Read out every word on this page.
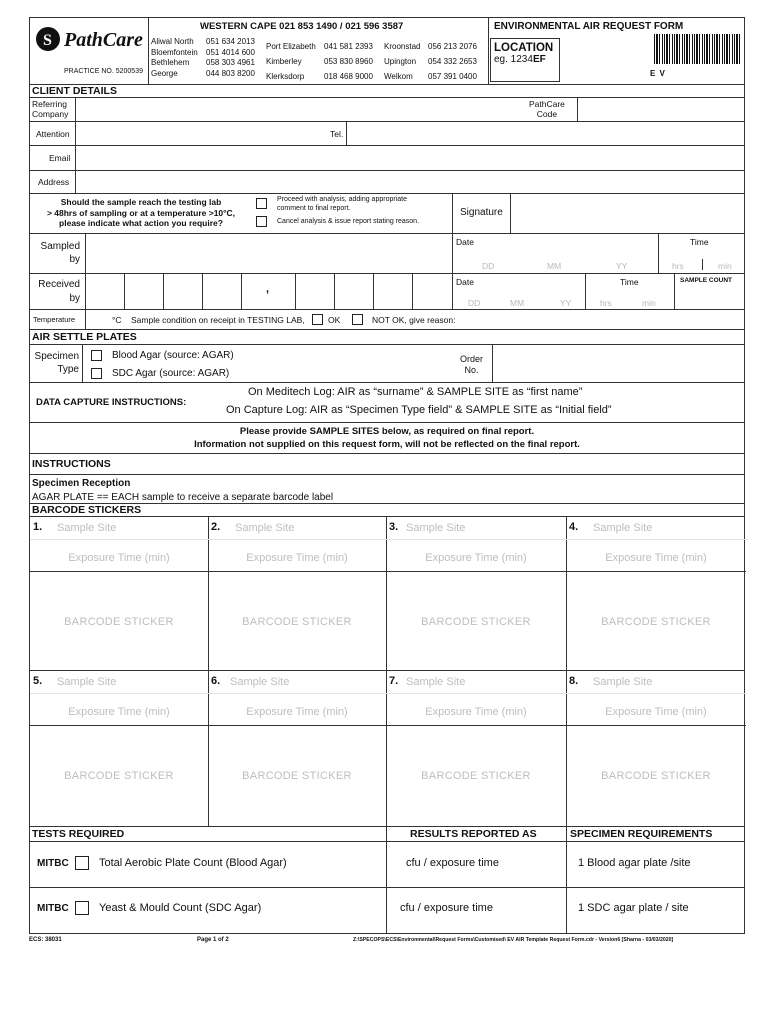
S PathCare
PRACTICE NO. 5200539
WESTERN CAPE 021 853 1490 / 021 596 3587
Aliwal North 051 634 2013
Bloemfontein 051 4014 600
Bethlehem 058 303 4961
George	044 803 8200
Port Elizabeth 041 581 2393
Kimberley	053 830 8960
Klerksdorp 018 468 9000
Kroonstad 056 213 2076
Upington 054 332 2653
Welkom 057 391 0400
ENVIRONMENTAL AIR REQUEST FORM
LOCATION
eg. 1234EF
E V
CLIENT DETAILS
Referring
Company
PathCare
Code
Attention	Tel.
Email
Address
Should the sample reach the testing lab
> 48hrs of sampling or at a temperature >10°C,
please indicate what action you require?
Proceed with analysis, adding appropriate
comment to final report.
Cancel analysis & issue report stating reason.
Signature
Sampled
by
Date
DD	MM	YY
Time
hrs	min
Received
by
,
Date
DD	MM	YY
Time
hrs	min
SAMPLE COUNT
Temperature	°C Sample condition on receipt in TESTING LAB,	OK	NOT OK, give reason:
AIR SETTLE PLATES
Specimen
Type
Blood Agar (source: AGAR)
SDC Agar (source: AGAR)
Order
No.
DATA CAPTURE INSTRUCTIONS:
On Meditech Log: AIR as “surname” & SAMPLE SITE as “first name”
On Capture Log: AIR as “Specimen Type field” & SAMPLE SITE as “Initial field”
Please provide SAMPLE SITES below, as required on final report.
Information not supplied on this request form, will not be reflected on the final report.
INSTRUCTIONS
Specimen Reception
AGAR PLATE == EACH sample to receive a separate barcode label
BARCODE STICKERS
1. Sample Site
Exposure Time (min)
BARCODE STICKER
2. Sample Site
Exposure Time (min)
BARCODE STICKER
3. Sample Site
Exposure Time (min)
BARCODE STICKER
4. Sample Site
Exposure Time (min)
BARCODE STICKER
5. Sample Site
Exposure Time (min)
BARCODE STICKER
6. Sample Site
Exposure Time (min)
BARCODE STICKER
7. Sample Site
Exposure Time (min)
BARCODE STICKER
8. Sample Site
Exposure Time (min)
BARCODE STICKER
TESTS REQUIRED	RESULTS REPORTED AS	SPECIMEN REQUIREMENTS
MITBC	Total Aerobic Plate Count (Blood Agar)	cfu / exposure time	1 Blood agar plate /site
MITBC	Yeast & Mould Count (SDC Agar)	cfu / exposure time	1 SDC agar plate / site
ECS: 38031	Page 1 of 2	Z:\SPECOPS\ECS\Environmental\Request Forms\Customised\ EV AIR Template Request Form.cdr - Version6 [Sharna - 03/03/2020]
